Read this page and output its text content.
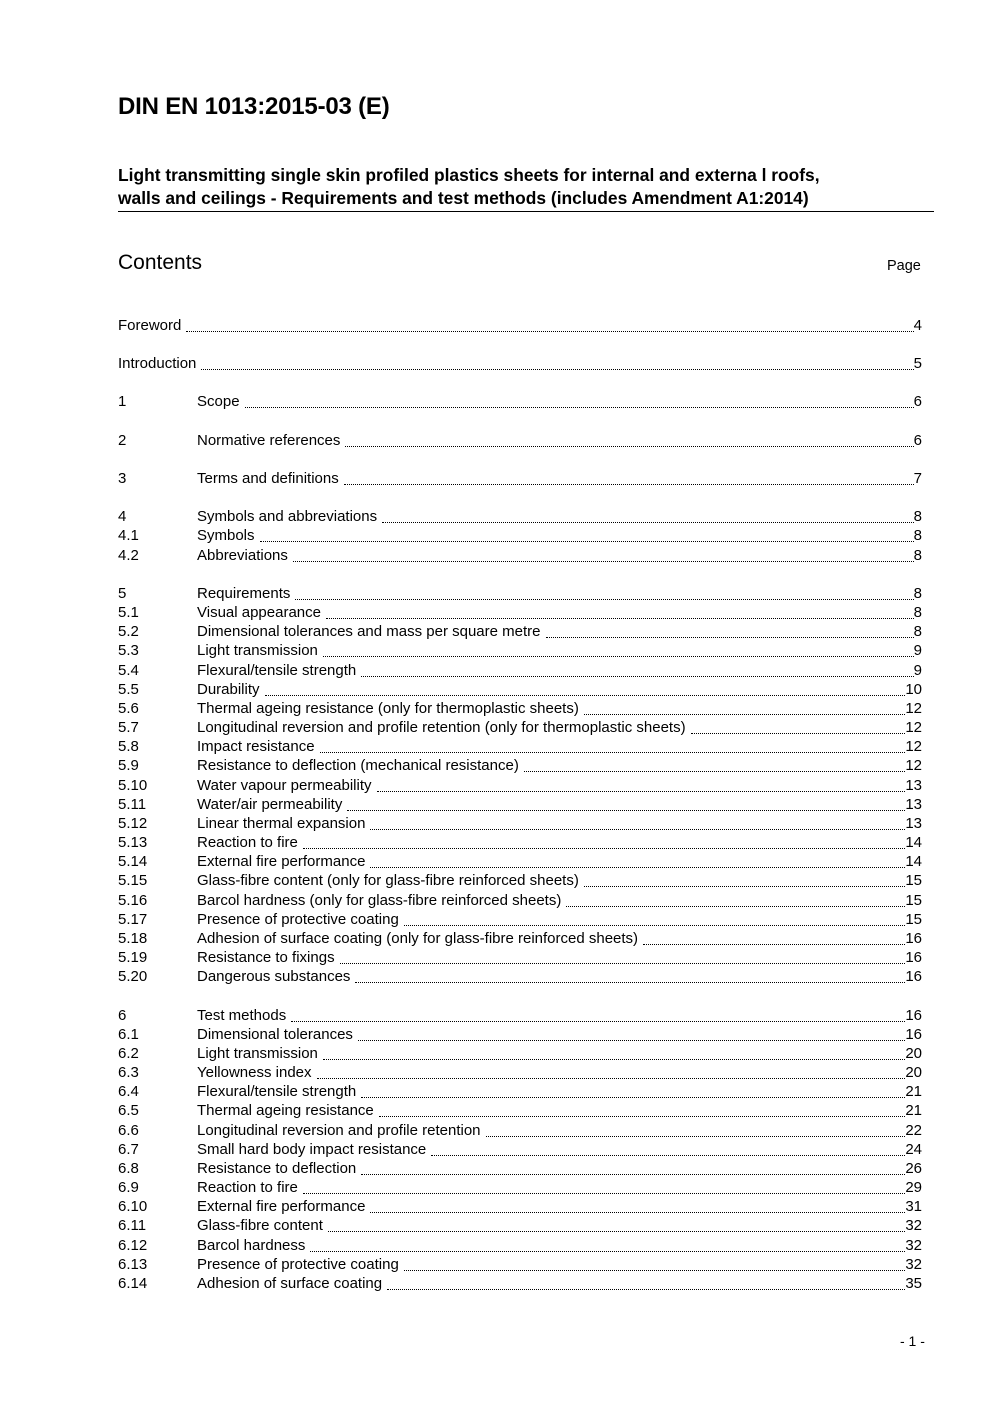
DIN EN 1013:2015-03 (E)
Light transmitting single skin profiled plastics sheets for internal and externa l roofs,
walls and ceilings - Requirements and test methods (includes Amendment A1:2014)
Contents	Page
Foreword	4
Introduction	5
1	Scope	6
2	Normative references	6
3	Terms and definitions	7
4	Symbols and abbreviations	8
4.1	Symbols	8
4.2	Abbreviations	8
5	Requirements	8
5.1	Visual appearance	8
5.2	Dimensional tolerances and mass per square metre	8
5.3	Light transmission	9
5.4	Flexural/tensile strength	9
5.5	Durability	10
5.6	Thermal ageing resistance (only for thermoplastic sheets)	12
5.7	Longitudinal reversion and profile retention (only for thermoplastic sheets)	12
5.8	Impact resistance	12
5.9	Resistance to deflection (mechanical resistance)	12
5.10	Water vapour permeability	13
5.11	Water/air permeability	13
5.12	Linear thermal expansion	13
5.13	Reaction to fire	14
5.14	External fire performance	14
5.15	Glass-fibre content (only for glass-fibre reinforced sheets)	15
5.16	Barcol hardness (only for glass-fibre reinforced sheets)	15
5.17	Presence of protective coating	15
5.18	Adhesion of surface coating (only for glass-fibre reinforced sheets)	16
5.19	Resistance to fixings	16
5.20	Dangerous substances	16
6	Test methods	16
6.1	Dimensional tolerances	16
6.2	Light transmission	20
6.3	Yellowness index	20
6.4	Flexural/tensile strength	21
6.5	Thermal ageing resistance	21
6.6	Longitudinal reversion and profile retention	22
6.7	Small hard body impact resistance	24
6.8	Resistance to deflection	26
6.9	Reaction to fire	29
6.10	External fire performance	31
6.11	Glass-fibre content	32
6.12	Barcol hardness	32
6.13	Presence of protective coating	32
6.14	Adhesion of surface coating	35
- 1 -
